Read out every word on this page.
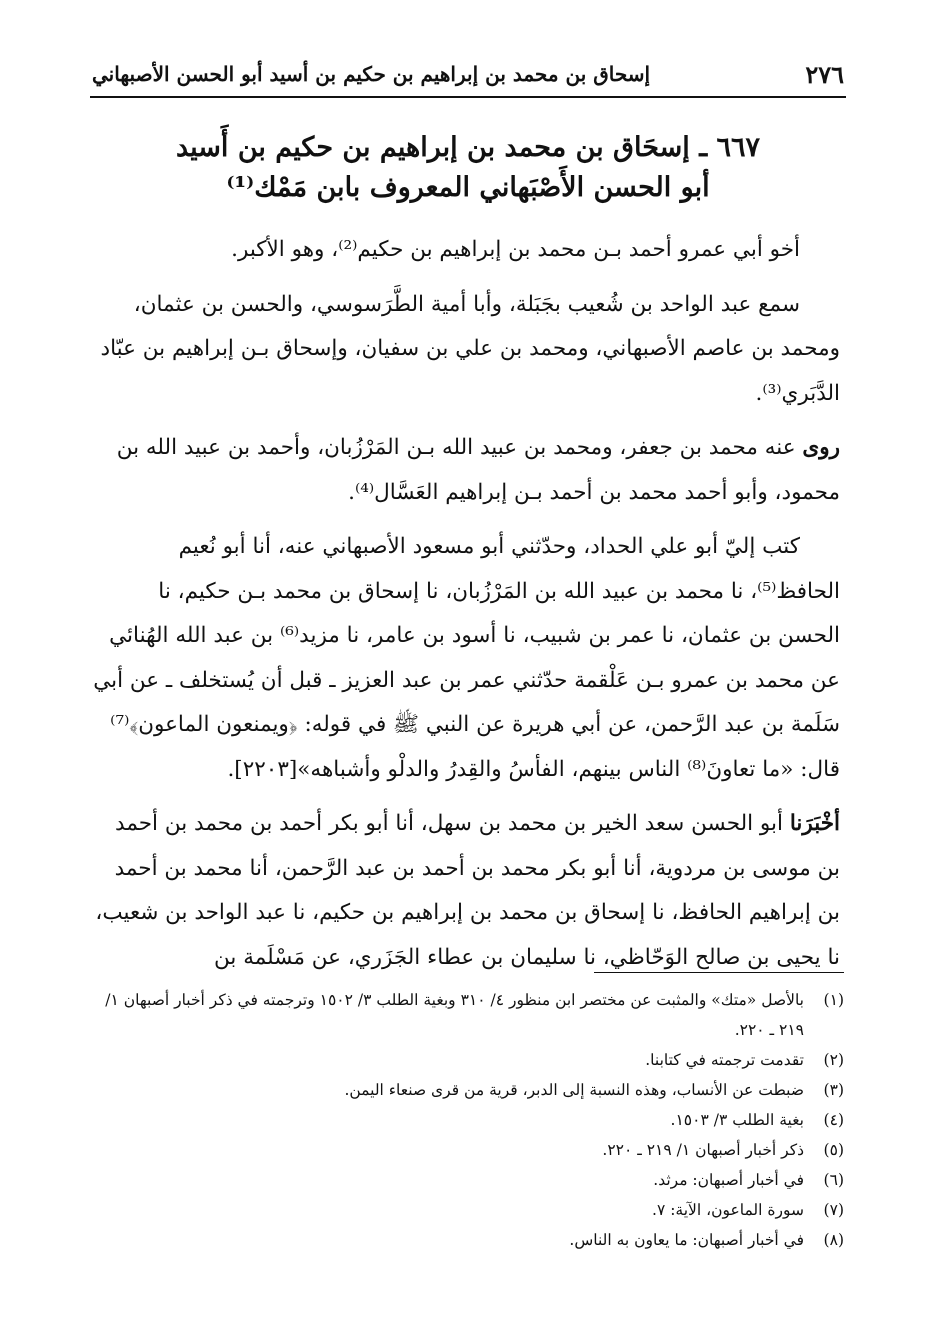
٢٧٦
إسحاق بن محمد بن إبراهيم بن حكيم بن أسيد أبو الحسن الأصبهاني
٦٦٧ ـ إسحَاق بن محمد بن إبراهيم بن حكيم بن أَسيد
أبو الحسن الأَصْبَهاني المعروف بابن مَمْك⁽¹⁾

أخو أبي عمرو أحمد بـن محمد بن إبراهيم بن حكيم⁽²⁾، وهو الأكبر.

سمع عبد الواحد بن شُعيب بجَبَلة، وأبا أمية الطَّرَسوسي، والحسن بن عثمان، ومحمد بن عاصم الأصبهاني، ومحمد بن علي بن سفيان، وإسحاق بـن إبراهيم بن عبّاد الدَّبَري⁽³⁾.

روى عنه محمد بن جعفر، ومحمد بن عبيد الله بـن المَرْزُبان، وأحمد بن عبيد الله بن محمود، وأبو أحمد محمد بن أحمد بـن إبراهيم العَسَّال⁽⁴⁾.

كتب إليّ أبو علي الحداد، وحدّثني أبو مسعود الأصبهاني عنه، أنا أبو نُعيم الحافظ⁽⁵⁾، نا محمد بن عبيد الله بن المَرْزُبان، نا إسحاق بن محمد بـن حكيم، نا الحسن بن عثمان، نا عمر بن شبيب، نا أسود بن عامر، نا مزيد⁽⁶⁾ بن عبد الله الهُنائي عن محمد بن عمرو بـن عَلْقمة حدّثني عمر بن عبد العزيز ـ قبل أن يُستخلف ـ عن أبي سَلَمة بن عبد الرَّحمن، عن أبي هريرة عن النبي ﷺ في قوله: ﴿ويمنعون الماعون﴾⁽⁷⁾ قال: «ما تعاونَ⁽⁸⁾ الناس بينهم، الفأسُ والقِدرُ والدلْو وأشباهه»[٢٢٠٣].

أخْبَرَنا أبو الحسن سعد الخير بن محمد بن سهل، أنا أبو بكر أحمد بن محمد بن أحمد بن موسى بن مردوية، أنا أبو بكر محمد بن أحمد بن عبد الرَّحمن، أنا محمد بن أحمد بن إبراهيم الحافظ، نا إسحاق بن محمد بن إبراهيم بن حكيم، نا عبد الواحد بن شعيب، نا يحيى بن صالح الوَحّاظي، نا سليمان بن عطاء الجَزَري، عن مَسْلَمة بن

(١)
بالأصل «متك» والمثبت عن مختصر ابن منظور ٤/ ٣١٠ وبغية الطلب ٣/ ١٥٠٢ وترجمته في ذكر أخبار أصبهان ١/ ٢١٩ ـ ٢٢٠.
(٢)
تقدمت ترجمته في كتابنا.
(٣)
ضبطت عن الأنساب، وهذه النسبة إلى الدبر، قرية من قرى صنعاء اليمن.
(٤)
بغية الطلب ٣/ ١٥٠٣.
(٥)
ذكر أخبار أصبهان ١/ ٢١٩ ـ ٢٢٠.
(٦)
في أخبار أصبهان: مرثد.
(٧)
سورة الماعون، الآية: ٧.
(٨)
في أخبار أصبهان: ما يعاون به الناس.
